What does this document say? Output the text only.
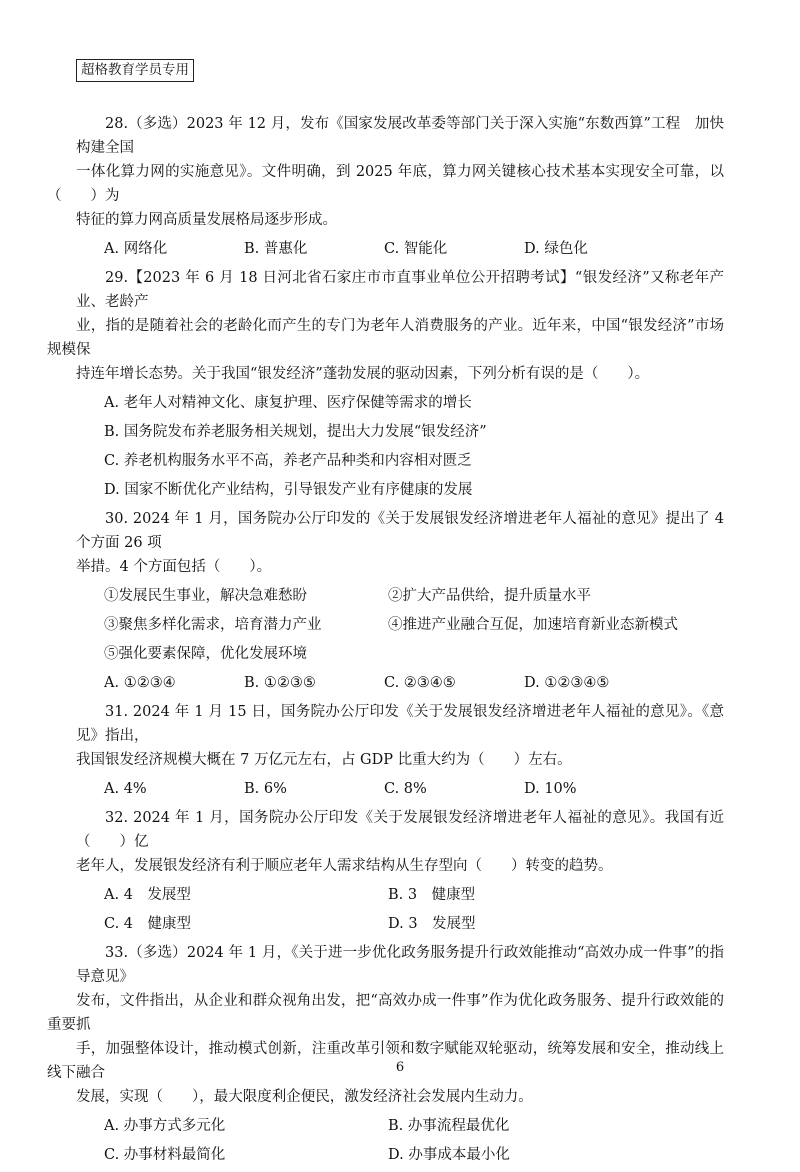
超格教育学员专用
28.（多选）2023 年 12 月，发布《国家发展改革委等部门关于深入实施“东数西算”工程　加快构建全国
一体化算力网的实施意见》。文件明确，到 2025 年底，算力网关键核心技术基本实现安全可靠，以（　　）为
特征的算力网高质量发展格局逐步形成。
A. 网络化	B. 普惠化	C. 智能化	D. 绿色化
29.【2023 年 6 月 18 日河北省石家庄市市直事业单位公开招聘考试】“银发经济”又称老年产业、老龄产
业，指的是随着社会的老龄化而产生的专门为老年人消费服务的产业。近年来，中国“银发经济”市场规模保
持连年增长态势。关于我国“银发经济”蓬勃发展的驱动因素，下列分析有误的是（　　）。
A. 老年人对精神文化、康复护理、医疗保健等需求的增长
B. 国务院发布养老服务相关规划，提出大力发展“银发经济”
C. 养老机构服务水平不高，养老产品种类和内容相对匮乏
D. 国家不断优化产业结构，引导银发产业有序健康的发展
30. 2024 年 1 月，国务院办公厅印发的《关于发展银发经济增进老年人福祉的意见》提出了 4 个方面 26 项
举措。4 个方面包括（　　）。
①发展民生事业，解决急难愁盼	②扩大产品供给，提升质量水平
③聚焦多样化需求，培育潜力产业	④推进产业融合互促，加速培育新业态新模式
⑤强化要素保障，优化发展环境
A. ①②③④	B. ①②③⑤	C. ②③④⑤	D. ①②③④⑤
31. 2024 年 1 月 15 日，国务院办公厅印发《关于发展银发经济增进老年人福祉的意见》。《意见》指出，
我国银发经济规模大概在 7 万亿元左右，占 GDP 比重大约为（　　）左右。
A. 4%	B. 6%	C. 8%	D. 10%
32. 2024 年 1 月，国务院办公厅印发《关于发展银发经济增进老年人福祉的意见》。我国有近（　　）亿
老年人，发展银发经济有利于顺应老年人需求结构从生存型向（　　）转变的趋势。
A. 4　发展型	B. 3　健康型
C. 4　健康型	D. 3　发展型
33.（多选）2024 年 1 月，《关于进一步优化政务服务提升行政效能推动“高效办成一件事”的指导意见》
发布，文件指出，从企业和群众视角出发，把“高效办成一件事”作为优化政务服务、提升行政效能的重要抓
手，加强整体设计，推动模式创新，注重改革引领和数字赋能双轮驱动，统筹发展和安全，推动线上线下融合
发展，实现（　　），最大限度利企便民，激发经济社会发展内生动力。
A. 办事方式多元化	B. 办事流程最优化
C. 办事材料最简化	D. 办事成本最小化
6
